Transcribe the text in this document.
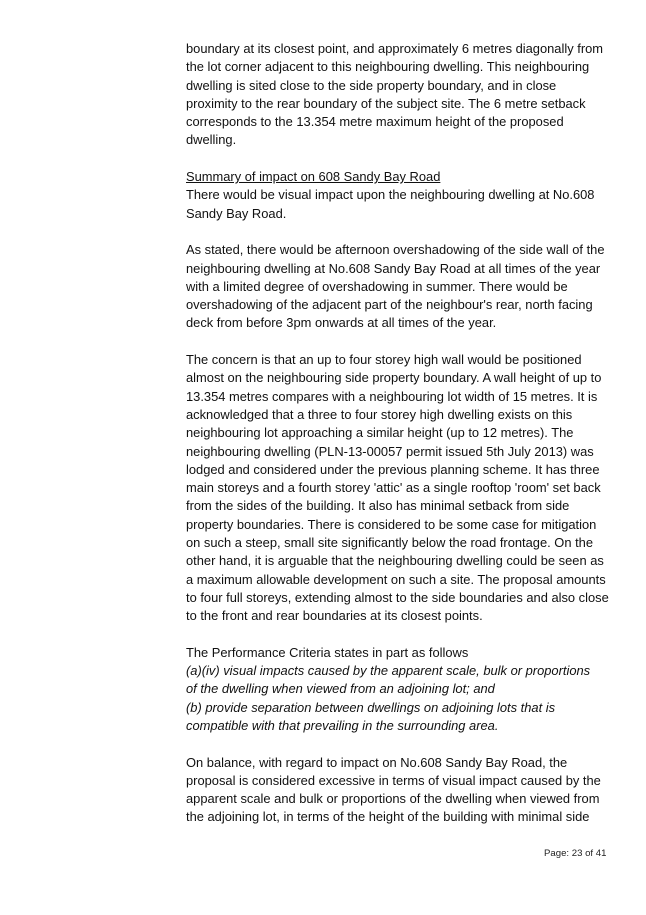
boundary at its closest point, and approximately 6 metres diagonally from
the lot corner adjacent to this neighbouring dwelling. This neighbouring
dwelling is sited close to the side property boundary, and in close
proximity to the rear boundary of the subject site. The 6 metre setback
corresponds to the 13.354 metre maximum height of the proposed
dwelling.

Summary of impact on 608 Sandy Bay Road
There would be visual impact upon the neighbouring dwelling at No.608
Sandy Bay Road.

As stated, there would be afternoon overshadowing of the side wall of the
neighbouring dwelling at No.608 Sandy Bay Road at all times of the year
with a limited degree of overshadowing in summer. There would be
overshadowing of the adjacent part of the neighbour's rear, north facing
deck from before 3pm onwards at all times of the year.

The concern is that an up to four storey high wall would be positioned
almost on the neighbouring side property boundary. A wall height of up to
13.354 metres compares with a neighbouring lot width of 15 metres. It is
acknowledged that a three to four storey high dwelling exists on this
neighbouring lot approaching a similar height (up to 12 metres). The
neighbouring dwelling (PLN-13-00057 permit issued 5th July 2013) was
lodged and considered under the previous planning scheme. It has three
main storeys and a fourth storey 'attic' as a single rooftop 'room' set back
from the sides of the building. It also has minimal setback from side
property boundaries. There is considered to be some case for mitigation
on such a steep, small site significantly below the road frontage. On the
other hand, it is arguable that the neighbouring dwelling could be seen as
a maximum allowable development on such a site. The proposal amounts
to four full storeys, extending almost to the side boundaries and also close
to the front and rear boundaries at its closest points.

The Performance Criteria states in part as follows
(a)(iv) visual impacts caused by the apparent scale, bulk or proportions
of the dwelling when viewed from an adjoining lot; and
(b) provide separation between dwellings on adjoining lots that is
compatible with that prevailing in the surrounding area.

On balance, with regard to impact on No.608 Sandy Bay Road, the
proposal is considered excessive in terms of visual impact caused by the
apparent scale and bulk or proportions of the dwelling when viewed from
the adjoining lot, in terms of the height of the building with minimal side

Page: 23 of 41
